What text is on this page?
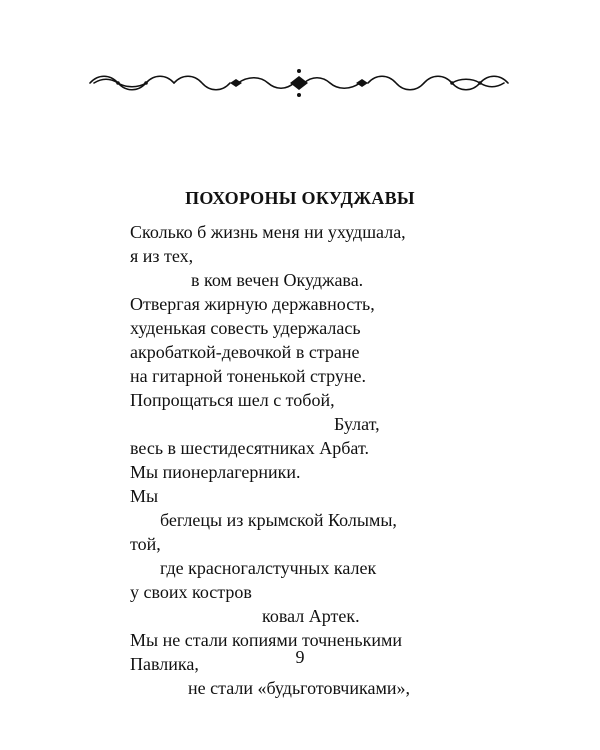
ПОХОРОНЫ ОКУДЖАВЫ
Сколько б жизнь меня ни ухудшала,
я из тех,
в ком вечен Окуджава.
Отвергая жирную державность,
худенькая совесть удержалась
акробаткой-девочкой в стране
на гитарной тоненькой струне.
Попрощаться шел с тобой,
Булат,
весь в шестидесятниках Арбат.
Мы пионерлагерники.
Мы
беглецы из крымской Колымы,
той,
где красногалстучных калек
у своих костров
ковал Артек.
Мы не стали копиями точненькими
Павлика,
не стали «будьготовчиками»,
9
